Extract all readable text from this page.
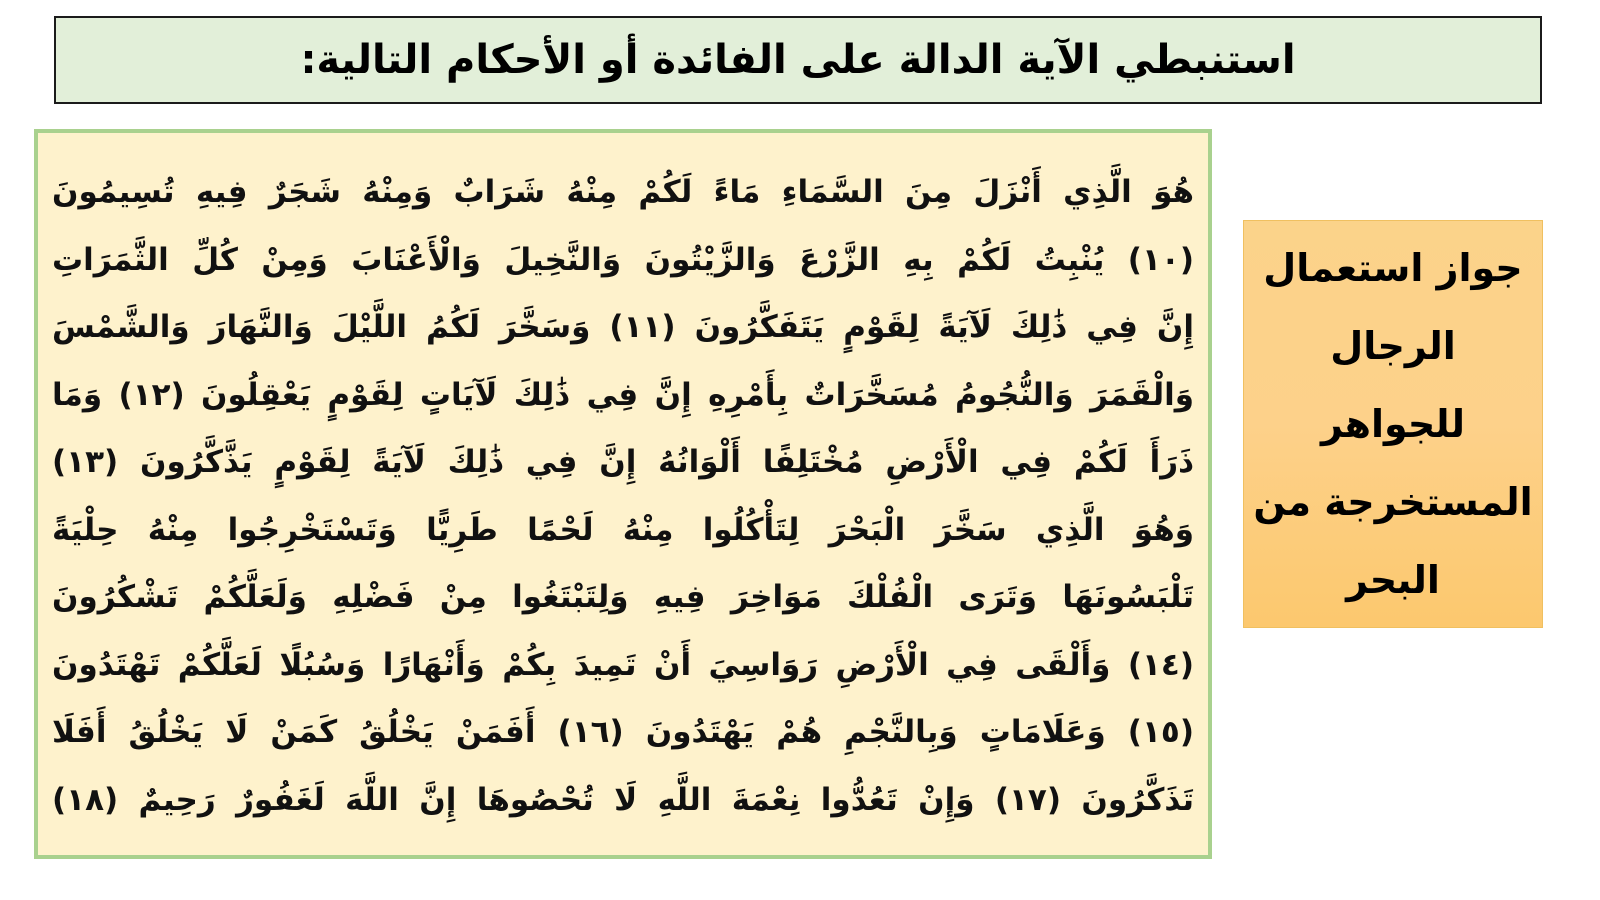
استنبطي الآية الدالة على الفائدة أو الأحكام التالية:
هُوَ الَّذِي أَنْزَلَ مِنَ السَّمَاءِ مَاءً لَكُمْ مِنْهُ شَرَابٌ وَمِنْهُ شَجَرٌ فِيهِ تُسِيمُونَ
(١٠) يُنْبِتُ لَكُمْ بِهِ الزَّرْعَ وَالزَّيْتُونَ وَالنَّخِيلَ وَالْأَعْنَابَ وَمِنْ كُلِّ الثَّمَرَاتِ
إِنَّ فِي ذَٰلِكَ لَآيَةً لِقَوْمٍ يَتَفَكَّرُونَ (١١) وَسَخَّرَ لَكُمُ اللَّيْلَ وَالنَّهَارَ وَالشَّمْسَ
وَالْقَمَرَ وَالنُّجُومُ مُسَخَّرَاتٌ بِأَمْرِهِ إِنَّ فِي ذَٰلِكَ لَآيَاتٍ لِقَوْمٍ يَعْقِلُونَ (١٢) وَمَا
ذَرَأَ لَكُمْ فِي الْأَرْضِ مُخْتَلِفًا أَلْوَانُهُ إِنَّ فِي ذَٰلِكَ لَآيَةً لِقَوْمٍ يَذَّكَّرُونَ (١٣)
وَهُوَ الَّذِي سَخَّرَ الْبَحْرَ لِتَأْكُلُوا مِنْهُ لَحْمًا طَرِيًّا وَتَسْتَخْرِجُوا مِنْهُ حِلْيَةً
تَلْبَسُونَهَا وَتَرَى الْفُلْكَ مَوَاخِرَ فِيهِ وَلِتَبْتَغُوا مِنْ فَضْلِهِ وَلَعَلَّكُمْ تَشْكُرُونَ
(١٤) وَأَلْقَى فِي الْأَرْضِ رَوَاسِيَ أَنْ تَمِيدَ بِكُمْ وَأَنْهَارًا وَسُبُلًا لَعَلَّكُمْ تَهْتَدُونَ
(١٥) وَعَلَامَاتٍ وَبِالنَّجْمِ هُمْ يَهْتَدُونَ (١٦) أَفَمَنْ يَخْلُقُ كَمَنْ لَا يَخْلُقُ أَفَلَا
تَذَكَّرُونَ (١٧) وَإِنْ تَعُدُّوا نِعْمَةَ اللَّهِ لَا تُحْصُوهَا إِنَّ اللَّهَ لَغَفُورٌ رَحِيمٌ (١٨)
جواز استعمال
الرجال
للجواهر
المستخرجة من
البحر
